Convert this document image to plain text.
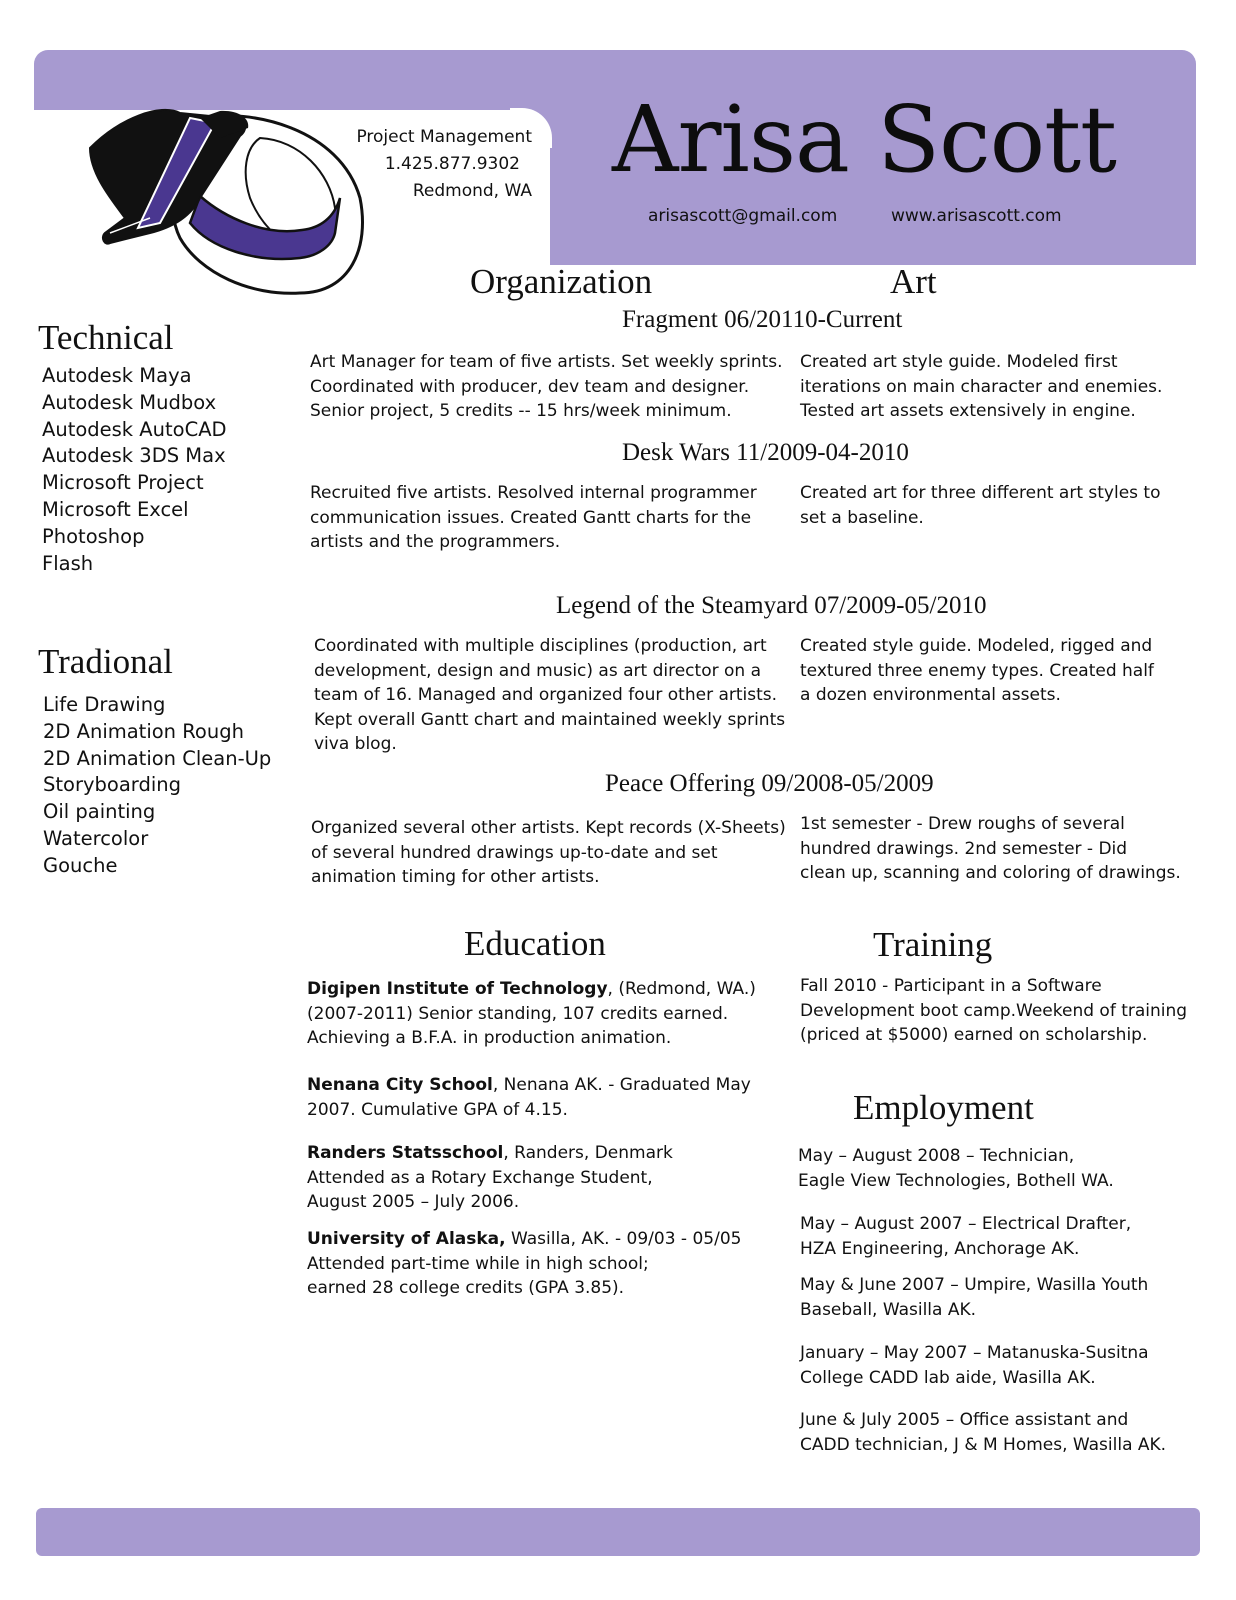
Project Management
1.425.877.9302
Redmond, WA Arisa Scott
arisascott@gmail.com	www.arisascott.com
Technical
Autodesk Maya
Autodesk Mudbox
Autodesk AutoCAD
Autodesk 3DS Max
Microsoft Project
Microsoft Excel
Photoshop
Flash
Tradional
Life Drawing
2D Animation Rough
2D Animation Clean-Up
Storyboarding
Oil painting
Watercolor
Gouche
Organization	Art
Fragment 06/20110-Current
Art Manager for team of five artists. Set weekly sprints.
Coordinated with producer, dev team and designer.
Senior project, 5 credits -- 15 hrs/week minimum.
Created art style guide. Modeled first
iterations on main character and enemies.
Tested art assets extensively in engine.
Desk Wars 11/2009-04-2010
Recruited five artists. Resolved internal programmer
communication issues. Created Gantt charts for the
artists and the programmers.
Created art for three different art styles to
set a baseline.
Legend of the Steamyard 07/2009-05/2010
Coordinated with multiple disciplines (production, art
development, design and music) as art director on a
team of 16. Managed and organized four other artists.
Kept overall Gantt chart and maintained weekly sprints
viva blog.
Created style guide. Modeled, rigged and
textured three enemy types. Created half
a dozen environmental assets.
Peace Offering 09/2008-05/2009
Organized several other artists. Kept records (X-Sheets)
of several hundred drawings up-to-date and set
animation timing for other artists.
1st semester - Drew roughs of several
hundred drawings. 2nd semester - Did
clean up, scanning and coloring of drawings.
Education
Digipen Institute of Technology, (Redmond, WA.)
(2007-2011) Senior standing, 107 credits earned.
Achieving a B.F.A. in production animation.
Nenana City School, Nenana AK. - Graduated May
2007. Cumulative GPA of 4.15.
Randers Statsschool, Randers, Denmark
Attended as a Rotary Exchange Student,
August 2005 – July 2006.
University of Alaska, Wasilla, AK. - 09/03 - 05/05
Attended part-time while in high school;
earned 28 college credits (GPA 3.85).
Training
Fall 2010 - Participant in a Software
Development boot camp.Weekend of training
(priced at $5000) earned on scholarship.
Employment
May – August 2008 – Technician,
Eagle View Technologies, Bothell WA.
May – August 2007 – Electrical Drafter,
HZA Engineering, Anchorage AK.
May & June 2007 – Umpire, Wasilla Youth
Baseball, Wasilla AK.
January – May 2007 – Matanuska-Susitna
College CADD lab aide, Wasilla AK.
June & July 2005 – Office assistant and
CADD technician, J & M Homes, Wasilla AK.
